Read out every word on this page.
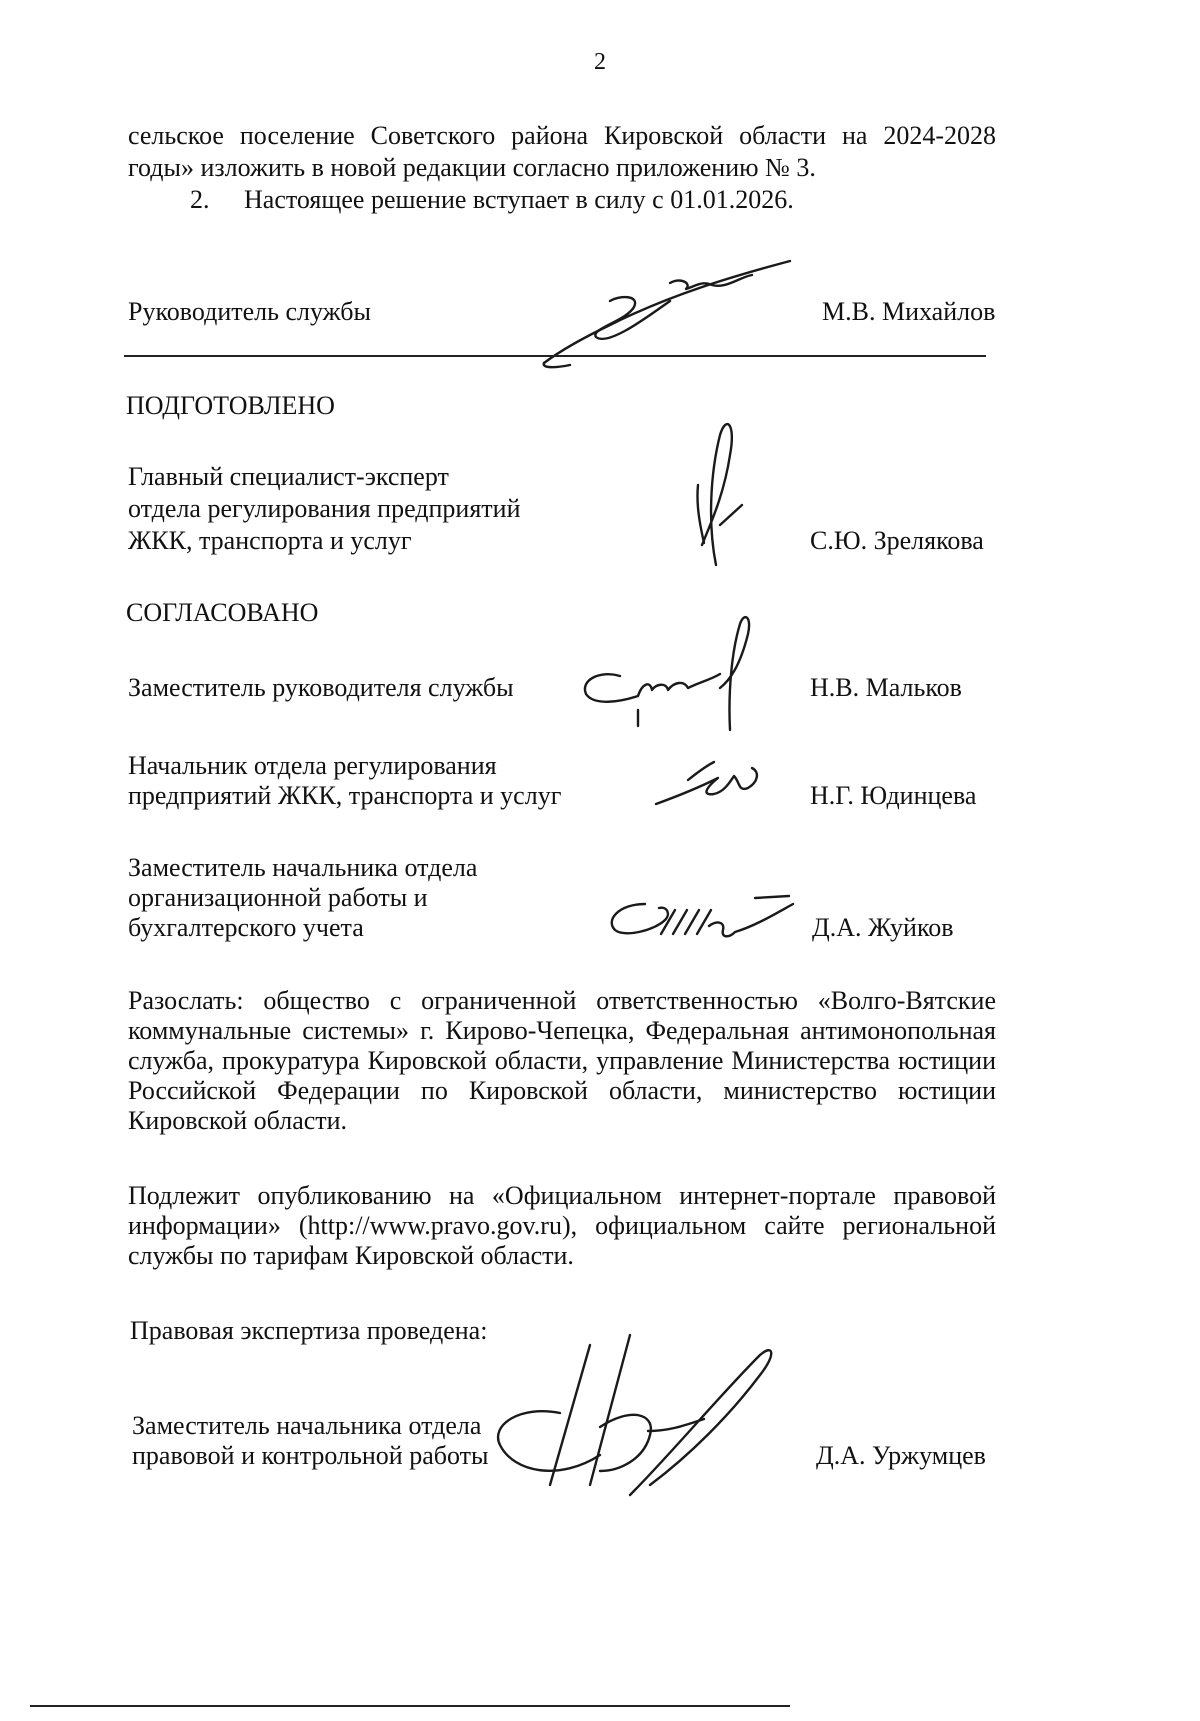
2
сельское поселение Советского района Кировской области на 2024-2028
годы» изложить в новой редакции согласно приложению № 3.
2. Настоящее решение вступает в силу с 01.01.2026.
Руководитель службы	М.В. Михайлов
ПОДГОТОВЛЕНО
Главный специалист-эксперт
отдела регулирования предприятий
ЖКК, транспорта и услуг	С.Ю. Зрелякова
СОГЛАСОВАНО
Заместитель руководителя службы	Н.В. Мальков
Начальник отдела регулирования
предприятий ЖКК, транспорта и услуг	Н.Г. Юдинцева
Заместитель начальника отдела
организационной работы и
бухгалтерского учета	Д.А. Жуйков
Разослать: общество с ограниченной ответственностью «Волго-Вятские
коммунальные системы» г. Кирово-Чепецка, Федеральная антимонопольная
служба, прокуратура Кировской области, управление Министерства юстиции
Российской Федерации по Кировской области, министерство юстиции
Кировской области.
Подлежит опубликованию на «Официальном интернет-портале правовой
информации» (http://www.pravo.gov.ru), официальном сайте региональной
службы по тарифам Кировской области.
Правовая экспертиза проведена:
Заместитель начальника отдела
правовой и контрольной работы	Д.А. Уржумцев
